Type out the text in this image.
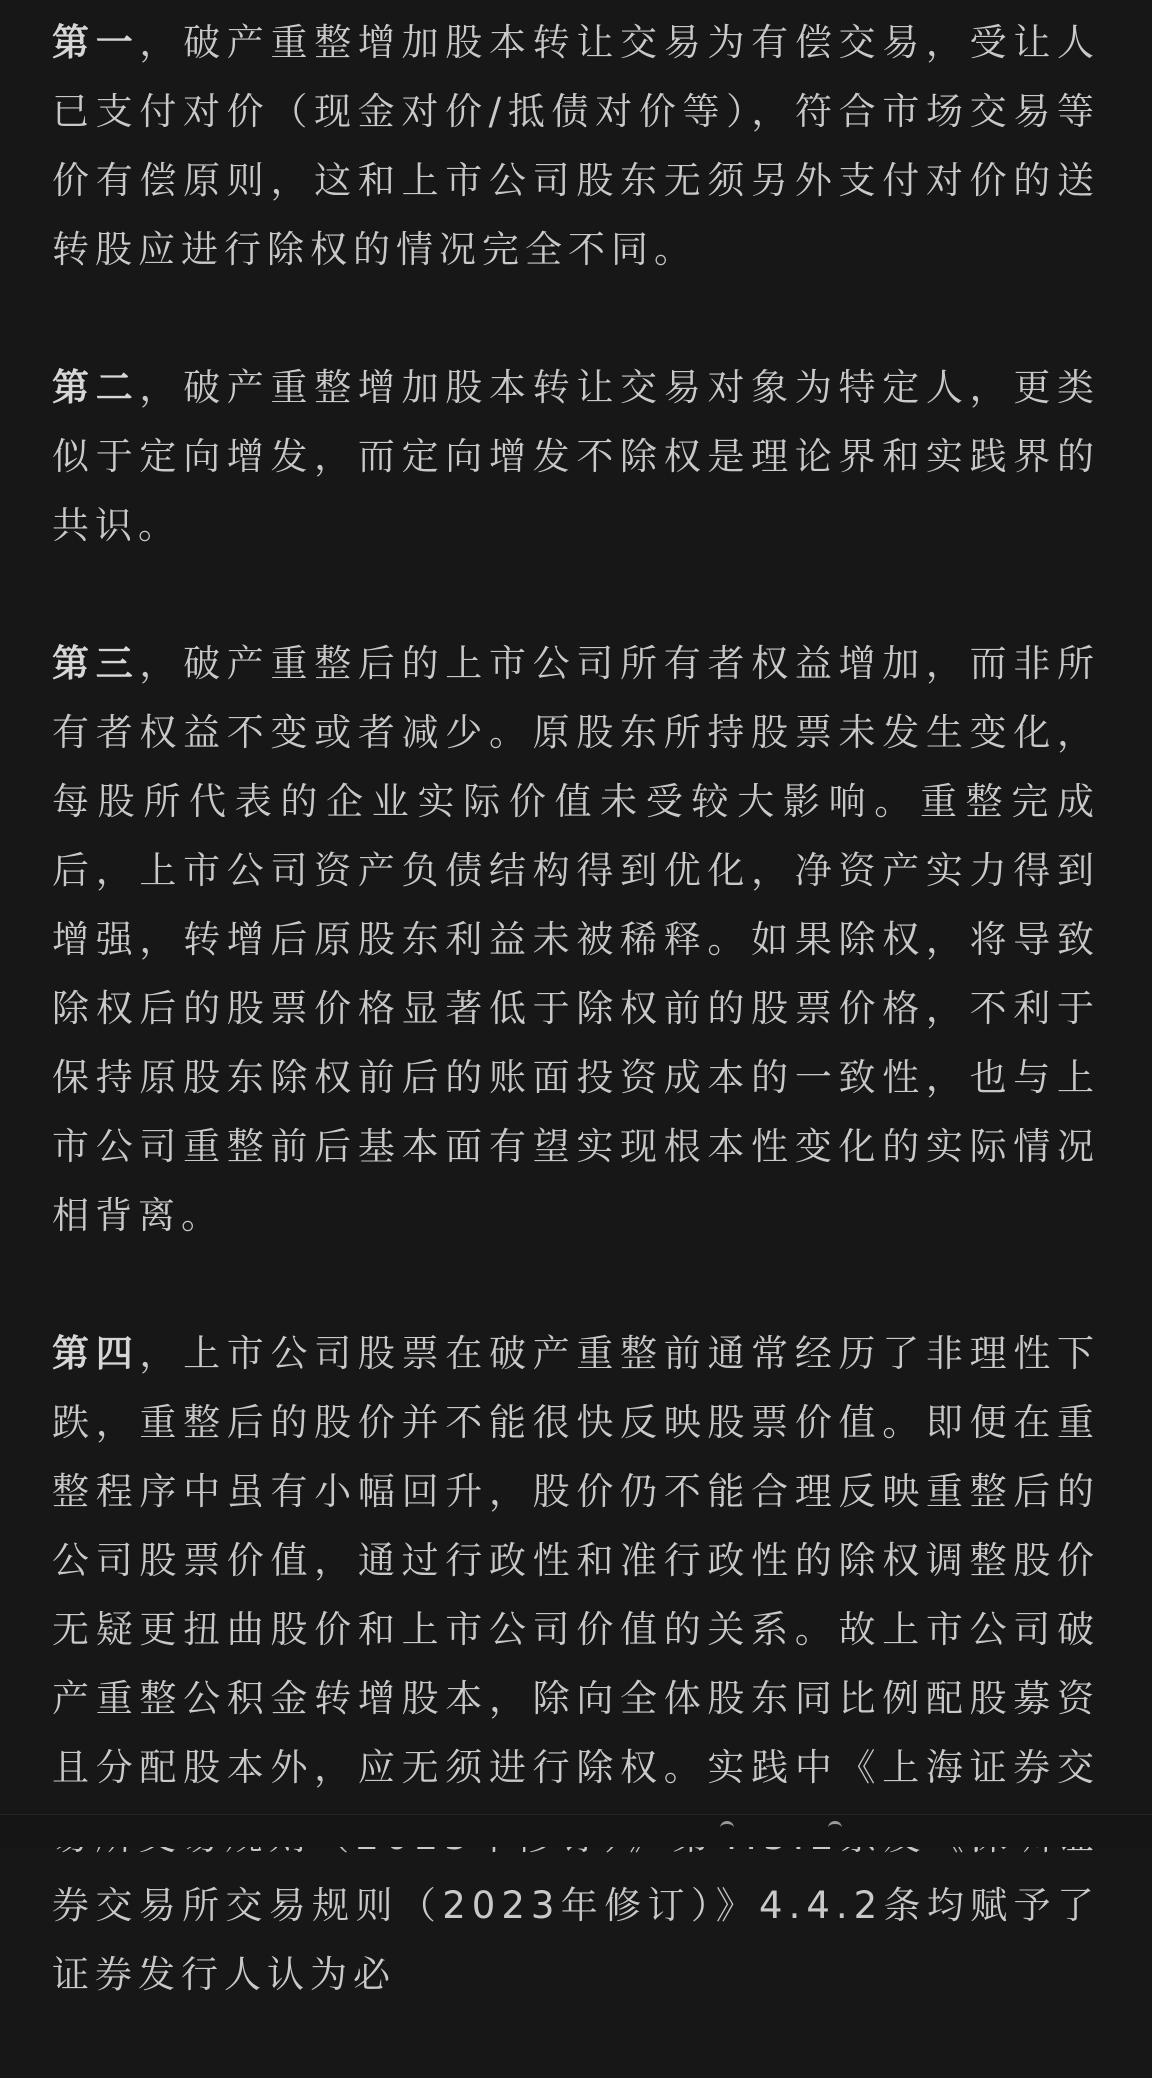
第一，破产重整增加股本转让交易为有偿交易，受让人已支付对价（现金对价/抵债对价等），符合市场交易等价有偿原则，这和上市公司股东无须另外支付对价的送转股应进行除权的情况完全不同。

第二，破产重整增加股本转让交易对象为特定人，更类似于定向增发，而定向增发不除权是理论界和实践界的共识。

第三，破产重整后的上市公司所有者权益增加，而非所有者权益不变或者减少。原股东所持股票未发生变化，每股所代表的企业实际价值未受较大影响。重整完成后，上市公司资产负债结构得到优化，净资产实力得到增强，转增后原股东利益未被稀释。如果除权，将导致除权后的股票价格显著低于除权前的股票价格，不利于保持原股东除权前后的账面投资成本的一致性，也与上市公司重整前后基本面有望实现根本性变化的实际情况相背离。

第四，上市公司股票在破产重整前通常经历了非理性下跌，重整后的股价并不能很快反映股票价值。即便在重整程序中虽有小幅回升，股价仍不能合理反映重整后的公司股票价值，通过行政性和准行政性的除权调整股价无疑更扭曲股价和上市公司价值的关系。故上市公司破产重整公积金转增股本，除向全体股东同比例配股募资且分配股本外，应无须进行除权。实践中《上海证券交 券交易所交易规则（2023年修订）》4.4.2条均赋予了证券发行人认为必
